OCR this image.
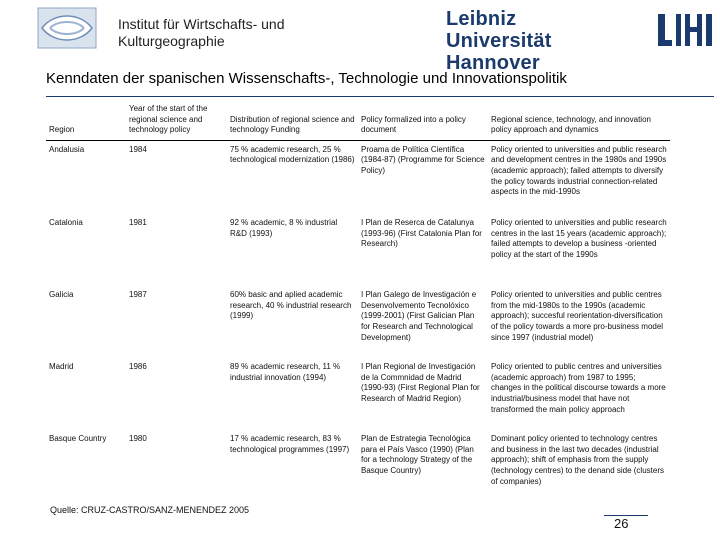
Institut für Wirtschafts- und Kulturgeographie
Leibniz
Universität Hannover
Kenndaten der spanischen Wissenschafts-, Technologie und Innovationspolitik
Region	Year of the start of the regional science and technology policy	Distribution of regional science and technology Funding	Policy formalized into a policy document	Regional science, technology, and innovation policy approach and dynamics
Andalusia	1984	75 % academic research, 25 % technological modernization (1986)	Proama de Política Científica (1984-87) (Programme for Science Policy)	Policy oriented to universities and public research and development centres in the 1980s and 1990s (academic approach); failed attempts to diversify the policy towards industrial connection-related aspects in the mid-1990s
Catalonia	1981	92 % academic, 8 % industrial R&D (1993)	I Plan de Reserca de Catalunya (1993-96) (First Catalonia Plan for Research)	Policy oriented to universities and public research centres in the last 15 years (academic approach); failed attempts to develop a business -oriented policy at the start of the 1990s
Galicia	1987	60% basic and aplied academic research, 40 % industrial research (1999)	I Plan Galego de Investigación e Desenvolvemento Tecnolóxico (1999-2001) (First Galician Plan for Research and Technological Development)	Policy oriented to universities and public centres from the mid-1980s to the 1990s (academic approach); succesful reorientation-diversification of the policy towards a more pro-business model since 1997 (industrial model)
Madrid	1986	89 % academic research, 11 % industrial innovation (1994)	I Plan Regional de Investigación de la Commnidad de Madrid (1990-93) (First Regional Plan for Research of Madrid Region)	Policy oriented to public centres and universities (academic approach) from 1987 to 1995; changes in the political discourse towards a more industrial/business model that have not transformed the main policy approach
Basque Country	1980	17 % academic research, 83 % technological programmes (1997)	Plan de Estrategia Tecnológica para el País Vasco (1990) (Plan for a technology Strategy of the Basque Country)	Dominant policy oriented to technology centres and business in the last two decades (industrial approach); shift of emphasis from the supply (technology centres) to the denand side (clusters of companies)
Quelle: CRUZ-CASTRO/SANZ-MENENDEZ 2005
26
